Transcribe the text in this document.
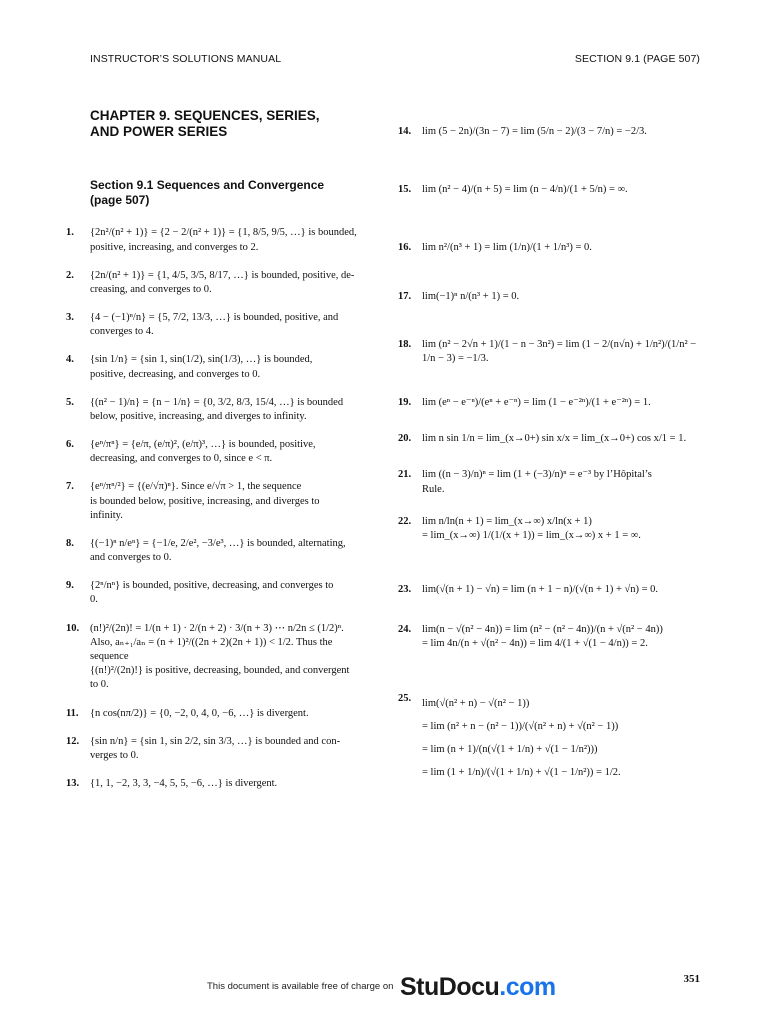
INSTRUCTOR’S SOLUTIONS MANUAL	SECTION 9.1 (PAGE 507)
CHAPTER 9. SEQUENCES, SERIES,
AND POWER SERIES
Section 9.1 Sequences and Convergence
(page 507)
1.	{2n²/(n² + 1)} = {2 − 2/(n² + 1)} = {1, 8/5, 9/5, …} is bounded,
positive, increasing, and converges to 2.
2.	{2n/(n² + 1)} = {1, 4/5, 3/5, 8/17, …} is bounded, positive, de-
creasing, and converges to 0.
3.	{4 − (−1)ⁿ/n} = {5, 7/2, 13/3, …} is bounded, positive, and
converges to 4.
4.	{sin 1/n} = {sin 1, sin(1/2), sin(1/3), …} is bounded,
positive, decreasing, and converges to 0.
5.	{(n² − 1)/n} = {n − 1/n} = {0, 3/2, 8/3, 15/4, …} is bounded
below, positive, increasing, and diverges to infinity.
6.	{eⁿ/πⁿ} = {e/π, (e/π)², (e/π)³, …} is bounded, positive,
decreasing, and converges to 0, since e < π.
7.	{eⁿ/πⁿ/²} = {(e/√π)ⁿ}. Since e/√π > 1, the sequence
is bounded below, positive, increasing, and diverges to
infinity.
8.	{(−1)ⁿ n/eⁿ} = {−1/e, 2/e², −3/e³, …} is bounded, alternating,
and converges to 0.
9.	{2ⁿ/nⁿ} is bounded, positive, decreasing, and converges to
0.
10.	(n!)²/(2n)! = 1/(n + 1) · 2/(n + 2) · 3/(n + 3) ⋯ n/2n ≤ (1/2)ⁿ.
Also, aₙ₊₁/aₙ = (n + 1)²/((2n + 2)(2n + 1)) < 1/2. Thus the sequence
{(n!)²/(2n)!} is positive, decreasing, bounded, and convergent
to 0.
11.	{n cos(nπ/2)} = {0, −2, 0, 4, 0, −6, …} is divergent.
12.	{sin n/n} = {sin 1, sin 2/2, sin 3/3, …} is bounded and con-
verges to 0.
13.	{1, 1, −2, 3, 3, −4, 5, 5, −6, …} is divergent.
14.	lim (5 − 2n)/(3n − 7) = lim (5/n − 2)/(3 − 7/n) = −2/3.
15.	lim (n² − 4)/(n + 5) = lim (n − 4/n)/(1 + 5/n) = ∞.
16.	lim n²/(n³ + 1) = lim (1/n)/(1 + 1/n³) = 0.
17.	lim(−1)ⁿ n/(n³ + 1) = 0.
18.	lim (n² − 2√n + 1)/(1 − n − 3n²) = lim (1 − 2/(n√n) + 1/n²)/(1/n² − 1/n − 3) = −1/3.
19.	lim (eⁿ − e⁻ⁿ)/(eⁿ + e⁻ⁿ) = lim (1 − e⁻²ⁿ)/(1 + e⁻²ⁿ) = 1.
20.	lim n sin 1/n = lim_(x→0+) sin x/x = lim_(x→0+) cos x/1 = 1.
21.	lim ((n − 3)/n)ⁿ = lim (1 + (−3)/n)ⁿ = e⁻³ by l’Hôpital’s
Rule.
22.	lim n/ln(n + 1) = lim_(x→∞) x/ln(x + 1)
= lim_(x→∞) 1/(1/(x + 1)) = lim_(x→∞) x + 1 = ∞.
23.	lim(√(n + 1) − √n) = lim (n + 1 − n)/(√(n + 1) + √n) = 0.
24.	lim(n − √(n² − 4n)) = lim (n² − (n² − 4n))/(n + √(n² − 4n))
= lim 4n/(n + √(n² − 4n)) = lim 4/(1 + √(1 − 4/n)) = 2.
25.	lim(√(n² + n) − √(n² − 1))
= lim (n² + n − (n² − 1))/(√(n² + n) + √(n² − 1))
= lim (n + 1)/(n(√(1 + 1/n) + √(1 − 1/n²)))
= lim (1 + 1/n)/(√(1 + 1/n) + √(1 − 1/n²)) = 1/2.
This document is available free of charge on StuDocu.com	351
